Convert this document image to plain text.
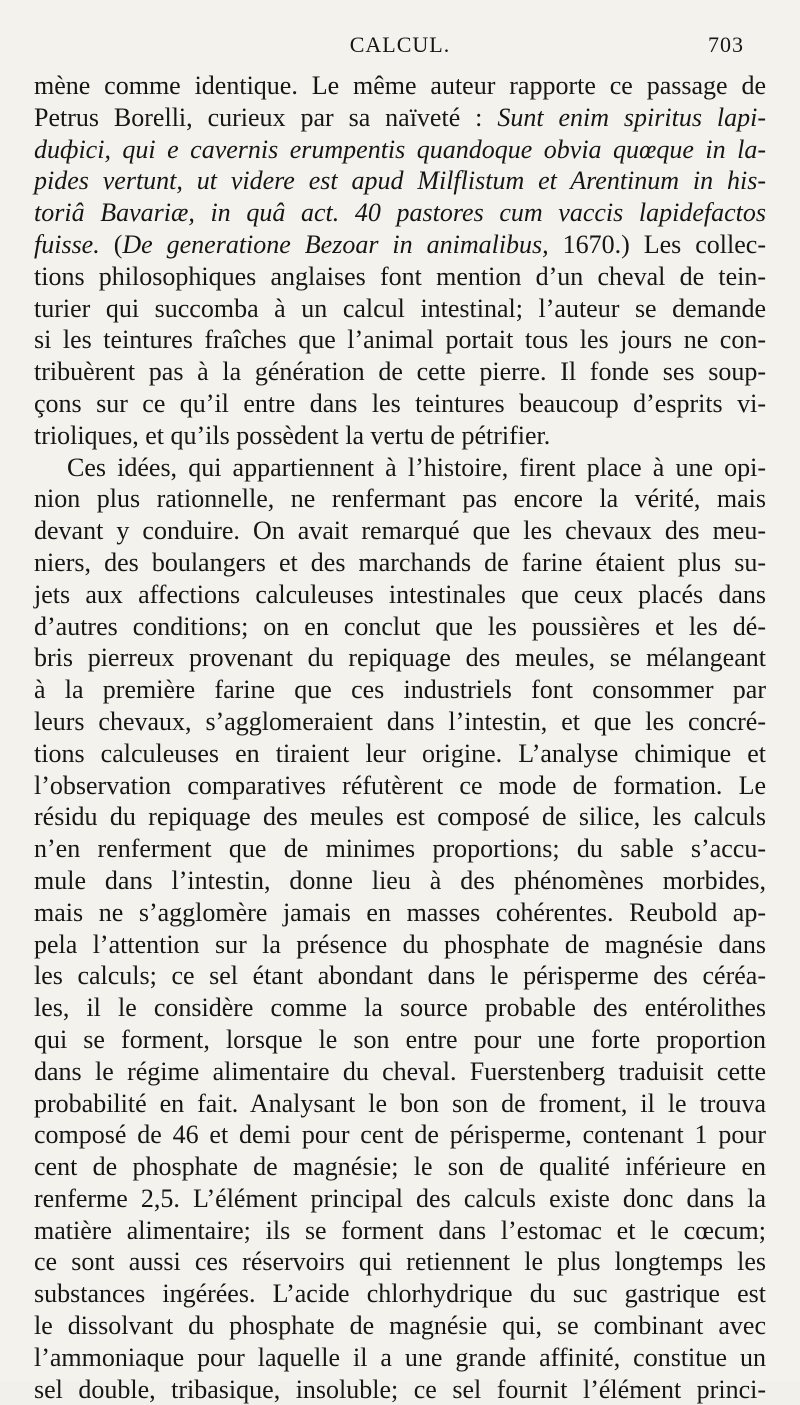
CALCUL.	703
mène comme identique. Le même auteur rapporte ce passage de
Petrus Borelli, curieux par sa naïveté : Sunt enim spiritus lapi-
dифici, qui e cavernis erumpentis quandoque obvia quœque in la-
pides vertunt, ut videre est apud Milflistum et Arentinum in his-
toriâ Bavariæ, in quâ act. 40 pastores cum vaccis lapidefactos
fuisse. (De generatione Bezoar in animalibus, 1670.) Les collec-
tions philosophiques anglaises font mention d’un cheval de tein-
turier qui succomba à un calcul intestinal; l’auteur se demande
si les teintures fraîches que l’animal portait tous les jours ne con-
tribuèrent pas à la génération de cette pierre. Il fonde ses soup-
çons sur ce qu’il entre dans les teintures beaucoup d’esprits vi-
trioliques, et qu’ils possèdent la vertu de pétrifier.
Ces idées, qui appartiennent à l’histoire, firent place à une opi-
nion plus rationnelle, ne renfermant pas encore la vérité, mais
devant y conduire. On avait remarqué que les chevaux des meu-
niers, des boulangers et des marchands de farine étaient plus su-
jets aux affections calculeuses intestinales que ceux placés dans
d’autres conditions; on en conclut que les poussières et les dé-
bris pierreux provenant du repiquage des meules, se mélangeant
à la première farine que ces industriels font consommer par
leurs chevaux, s’agglomeraient dans l’intestin, et que les concré-
tions calculeuses en tiraient leur origine. L’analyse chimique et
l’observation comparatives réfutèrent ce mode de formation. Le
résidu du repiquage des meules est composé de silice, les calculs
n’en renferment que de minimes proportions; du sable s’accu-
mule dans l’intestin, donne lieu à des phénomènes morbides,
mais ne s’agglomère jamais en masses cohérentes. Reubold ap-
pela l’attention sur la présence du phosphate de magnésie dans
les calculs; ce sel étant abondant dans le périsperme des céréa-
les, il le considère comme la source probable des entérolithes
qui se forment, lorsque le son entre pour une forte proportion
dans le régime alimentaire du cheval. Fuerstenberg traduisit cette
probabilité en fait. Analysant le bon son de froment, il le trouva
composé de 46 et demi pour cent de périsperme, contenant 1 pour
cent de phosphate de magnésie; le son de qualité inférieure en
renferme 2,5. L’élément principal des calculs existe donc dans la
matière alimentaire; ils se forment dans l’estomac et le cœcum;
ce sont aussi ces réservoirs qui retiennent le plus longtemps les
substances ingérées. L’acide chlorhydrique du suc gastrique est
le dissolvant du phosphate de magnésie qui, se combinant avec
l’ammoniaque pour laquelle il a une grande affinité, constitue un
sel double, tribasique, insoluble; ce sel fournit l’élément princi-
